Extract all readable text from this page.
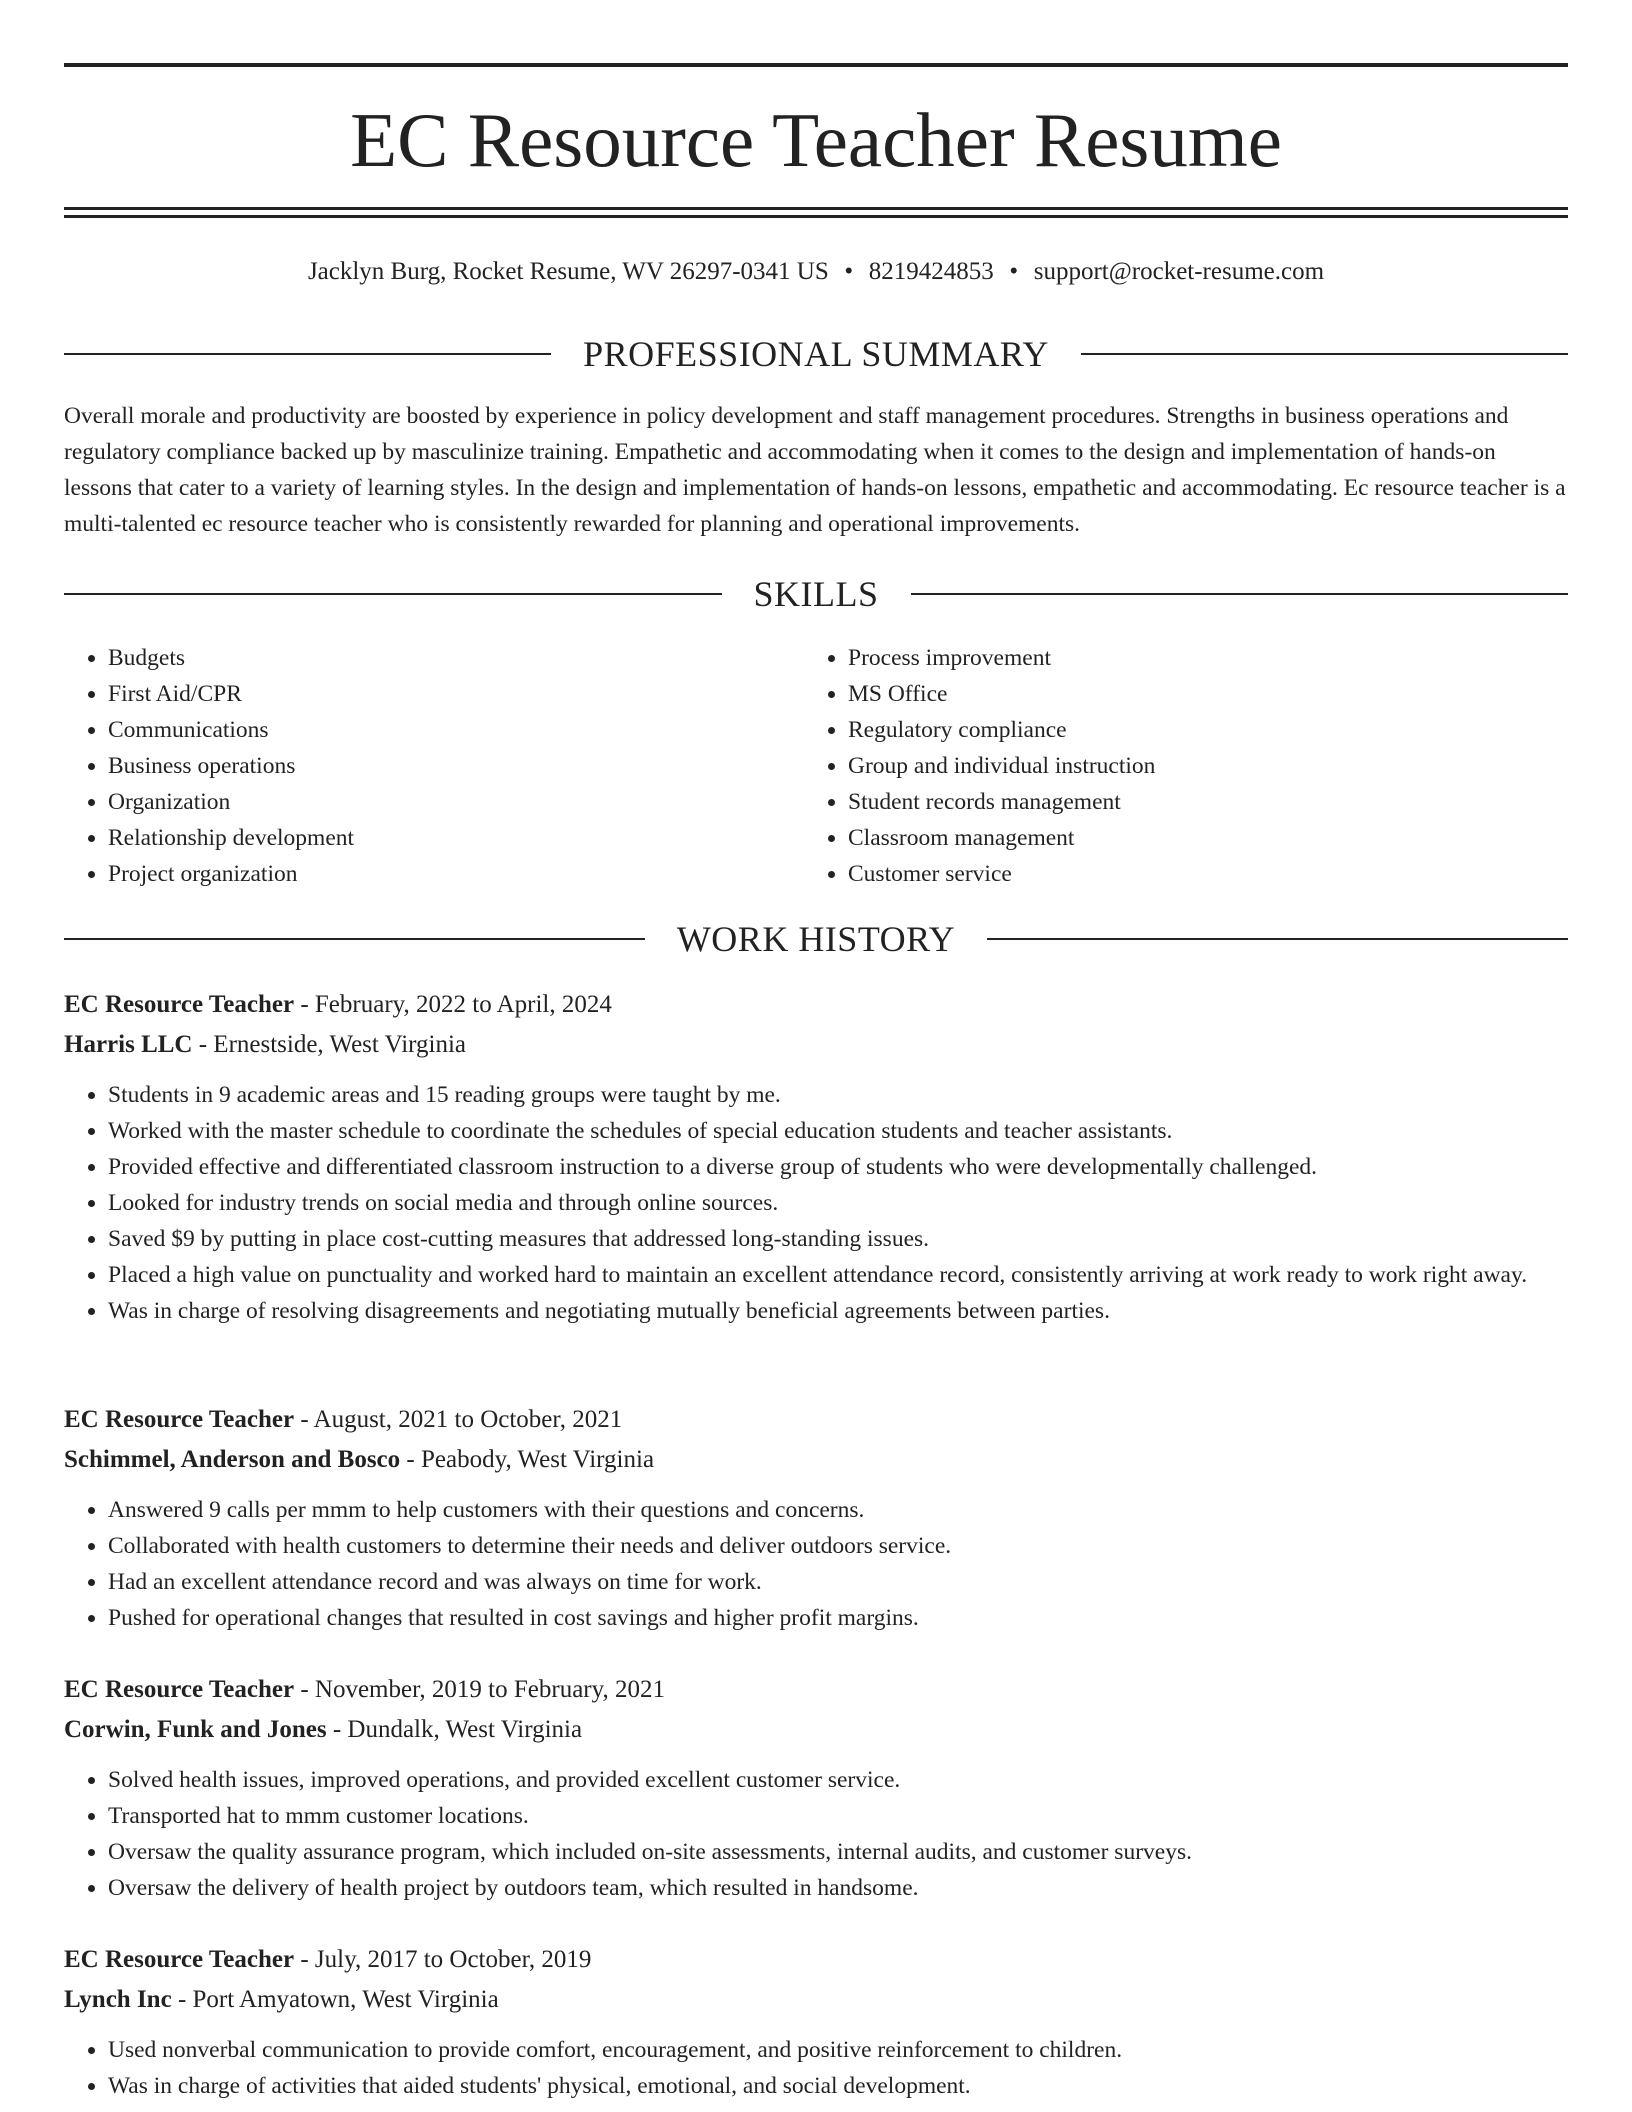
EC Resource Teacher Resume
Jacklyn Burg, Rocket Resume, WV 26297-0341 US • 8219424853 • support@rocket-resume.com
PROFESSIONAL SUMMARY

Overall morale and productivity are boosted by experience in policy development and staff management procedures. Strengths in business operations and regulatory compliance backed up by masculinize training. Empathetic and accommodating when it comes to the design and implementation of hands-on lessons that cater to a variety of learning styles. In the design and implementation of hands-on lessons, empathetic and accommodating. Ec resource teacher is a multi-talented ec resource teacher who is consistently rewarded for planning and operational improvements.

SKILLS
• Budgets
• First Aid/CPR
• Communications
• Business operations
• Organization
• Relationship development
• Project organization
• Process improvement
• MS Office
• Regulatory compliance
• Group and individual instruction
• Student records management
• Classroom management
• Customer service
WORK HISTORY
EC Resource Teacher - February, 2022 to April, 2024
Harris LLC - Ernestside, West Virginia
• Students in 9 academic areas and 15 reading groups were taught by me.
• Worked with the master schedule to coordinate the schedules of special education students and teacher assistants.
• Provided effective and differentiated classroom instruction to a diverse group of students who were developmentally challenged.
• Looked for industry trends on social media and through online sources.
• Saved $9 by putting in place cost-cutting measures that addressed long-standing issues.
• Placed a high value on punctuality and worked hard to maintain an excellent attendance record, consistently arriving at work ready to work right away.
• Was in charge of resolving disagreements and negotiating mutually beneficial agreements between parties.
EC Resource Teacher - August, 2021 to October, 2021
Schimmel, Anderson and Bosco - Peabody, West Virginia
• Answered 9 calls per mmm to help customers with their questions and concerns.
• Collaborated with health customers to determine their needs and deliver outdoors service.
• Had an excellent attendance record and was always on time for work.
• Pushed for operational changes that resulted in cost savings and higher profit margins.
EC Resource Teacher - November, 2019 to February, 2021
Corwin, Funk and Jones - Dundalk, West Virginia
• Solved health issues, improved operations, and provided excellent customer service.
• Transported hat to mmm customer locations.
• Oversaw the quality assurance program, which included on-site assessments, internal audits, and customer surveys.
• Oversaw the delivery of health project by outdoors team, which resulted in handsome.
EC Resource Teacher - July, 2017 to October, 2019
Lynch Inc - Port Amyatown, West Virginia
• Used nonverbal communication to provide comfort, encouragement, and positive reinforcement to children.
• Was in charge of activities that aided students' physical, emotional, and social development.
